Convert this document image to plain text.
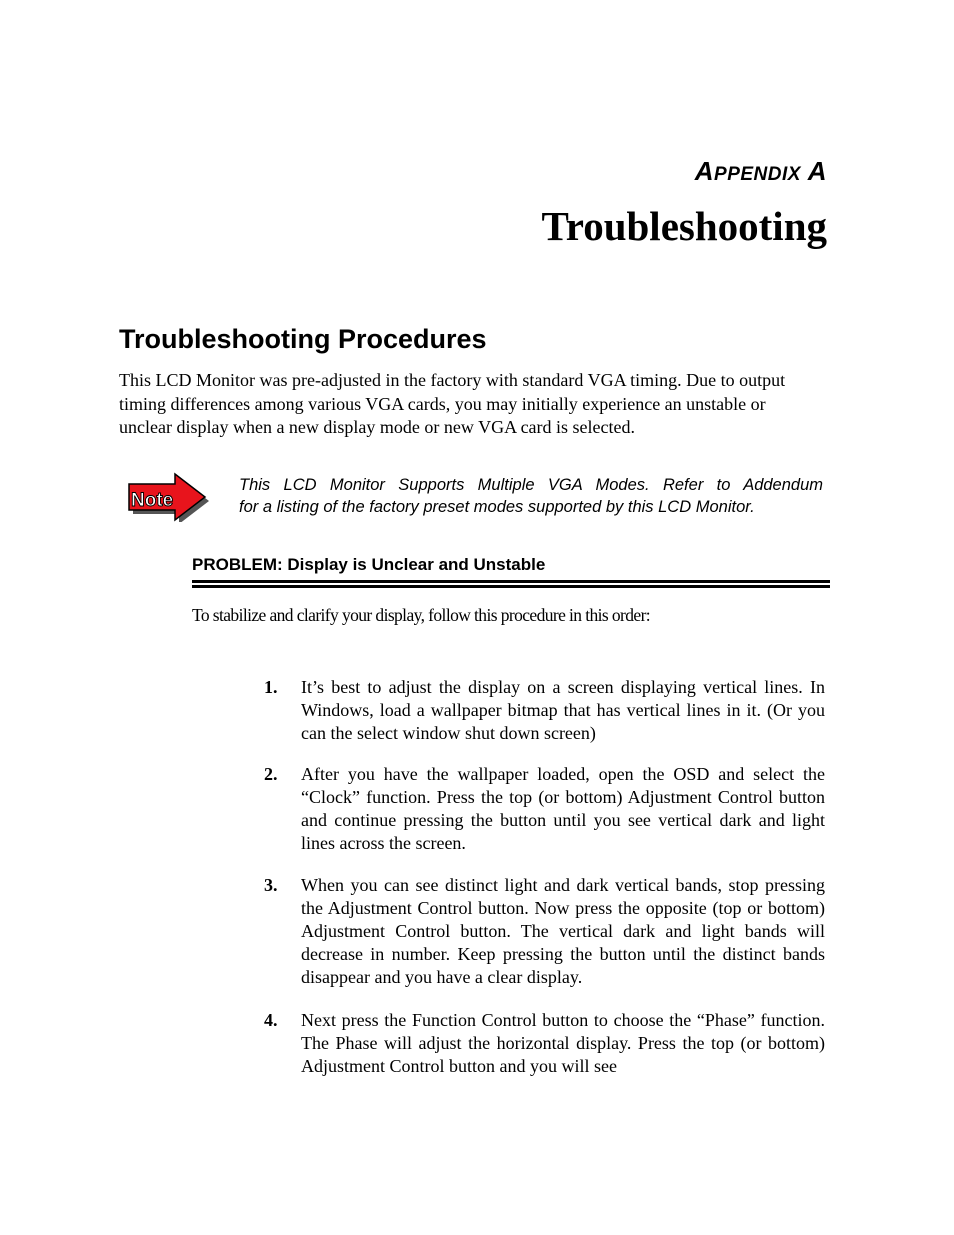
APPENDIX A
Troubleshooting
Troubleshooting Procedures

This LCD Monitor was pre-adjusted in the factory with standard VGA timing. Due to output timing differences among various VGA cards, you may initially experience an unstable or unclear display when a new display mode or new VGA card is selected.

Note

This LCD Monitor Supports Multiple VGA Modes. Refer to Addendum

for a listing of the factory preset modes supported by this LCD Monitor.

PROBLEM: Display is Unclear and Unstable

To stabilize and clarify your display, follow this procedure in this order:

1. It’s best to adjust the display on a screen displaying vertical lines. In Windows, load a wallpaper bitmap that has vertical lines in it. (Or you can the select window shut down screen)
2. After you have the wallpaper loaded, open the OSD and select the “Clock” function. Press the top (or bottom) Adjustment Control button and continue pressing the button until you see vertical dark and light lines across the screen.
3. When you can see distinct light and dark vertical bands, stop pressing the Adjustment Control button. Now press the opposite (top or bottom) Adjustment Control button. The vertical dark and light bands will decrease in number. Keep pressing the button until the distinct bands disappear and you have a clear display.
4. Next press the Function Control button to choose the “Phase” function. The Phase will adjust the horizontal display. Press the top (or bottom) Adjustment Control button and you will see
